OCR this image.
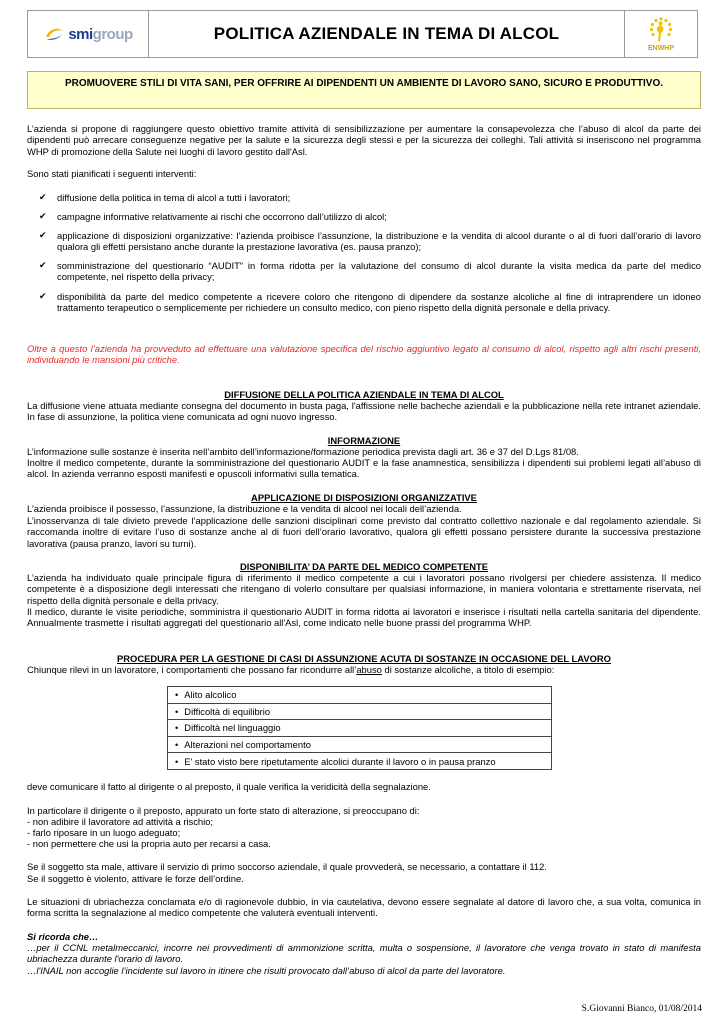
smigroup	POLITICA AZIENDALE IN TEMA DI ALCOL
ENWHP
PROMUOVERE STILI DI VITA SANI, PER OFFRIRE AI DIPENDENTI UN AMBIENTE DI LAVORO SANO, SICURO E PRODUTTIVO.

L’azienda si propone di raggiungere questo obiettivo tramite attività di sensibilizzazione per aumentare la consapevolezza che l’abuso di alcol da parte dei dipendenti può arrecare conseguenze negative per la salute e la sicurezza degli stessi e per la sicurezza dei colleghi. Tali attività si inseriscono nel programma WHP di promozione della Salute nei luoghi di lavoro gestito dall'Asl.

Sono stati pianificati i seguenti interventi:

✔ diffusione della politica in tema di alcol a tutti i lavoratori;
✔ campagne informative relativamente ai rischi che occorrono dall’utilizzo di alcol;
✔ applicazione di disposizioni organizzative: l’azienda proibisce l’assunzione, la distribuzione e la vendita di alcool durante o al di fuori dall’orario di lavoro qualora gli effetti persistano anche durante la prestazione lavorativa (es. pausa pranzo);
✔ somministrazione del questionario “AUDIT” in forma ridotta per la valutazione del consumo di alcol durante la visita medica da parte del medico competente, nel rispetto della privacy;
✔ disponibilità da parte del medico competente a ricevere coloro che ritengono di dipendere da sostanze alcoliche al fine di intraprendere un idoneo trattamento terapeutico o semplicemente per richiedere un consulto medico, con pieno rispetto della dignità personale e della privacy.

Oltre a questo l’azienda ha provveduto ad effettuare una valutazione specifica del rischio aggiuntivo legato al consumo di alcol, rispetto agli altri rischi presenti, individuando le mansioni più critiche.

DIFFUSIONE DELLA POLITICA AZIENDALE IN TEMA DI ALCOL

La diffusione viene attuata mediante consegna del documento in busta paga, l'affissione nelle bacheche aziendali e la pubblicazione nella rete intranet aziendale. In fase di assunzione, la politica viene comunicata ad ogni nuovo ingresso.

INFORMAZIONE

L’informazione sulle sostanze è inserita nell’ambito dell’informazione/formazione periodica prevista dagli art. 36 e 37 del D.Lgs 81/08.

Inoltre il medico competente, durante la somministrazione del questionario AUDIT e la fase anamnestica, sensibilizza i dipendenti sui problemi legati all’abuso di alcol. In azienda verranno esposti manifesti e opuscoli informativi sulla tematica.

APPLICAZIONE DI DISPOSIZIONI ORGANIZZATIVE

L’azienda proibisce il possesso, l’assunzione, la distribuzione e la vendita di alcool nei locali dell’azienda.

L’inosservanza di tale divieto prevede l’applicazione delle sanzioni disciplinari come previsto dal contratto collettivo nazionale e dal regolamento aziendale. Si raccomanda inoltre di evitare l’uso di sostanze anche al di fuori dell’orario lavorativo, qualora gli effetti possano persistere durante la successiva prestazione lavorativa (pausa pranzo, lavori su turni).

DISPONIBILITA’ DA PARTE DEL MEDICO COMPETENTE

L’azienda ha individuato quale principale figura di riferimento il medico competente a cui i lavoratori possano rivolgersi per chiedere assistenza. Il medico competente è a disposizione degli interessati che ritengano di volerlo consultare per qualsiasi informazione, in maniera volontaria e strettamente riservata, nel rispetto della dignità personale e della privacy.

Il medico, durante le visite periodiche, somministra il questionario AUDIT in forma ridotta ai lavoratori e inserisce i risultati nella cartella sanitaria del dipendente. Annualmente trasmette i risultati aggregati del questionario all'Asl, come indicato nelle buone prassi del programma WHP.

PROCEDURA PER LA GESTIONE DI CASI DI ASSUNZIONE ACUTA DI SOSTANZE IN OCCASIONE DEL LAVORO

Chiunque rilevi in un lavoratore, i comportamenti che possano far ricondurre all’abuso di sostanze alcoliche, a titolo di esempio:

• Alito alcolico
• Difficoltà di equilibrio
• Difficoltà nel linguaggio
• Alterazioni nel comportamento
• E’ stato visto bere ripetutamente alcolici durante il lavoro o in pausa pranzo

deve comunicare il fatto al dirigente o al preposto, il quale verifica la veridicità della segnalazione.

In particolare il dirigente o il preposto, appurato un forte stato di alterazione, si preoccupano di:

- non adibire il lavoratore ad attività a rischio;

- farlo riposare in un luogo adeguato;

- non permettere che usi la propria auto per recarsi a casa.

Se il soggetto sta male, attivare il servizio di primo soccorso aziendale, il quale provvederà, se necessario, a contattare il 112.

Se il soggetto è violento, attivare le forze dell’ordine.

Le situazioni di ubriachezza conclamata e/o di ragionevole dubbio, in via cautelativa, devono essere segnalate al datore di lavoro che, a sua volta, comunica in forma scritta la segnalazione al medico competente che valuterà eventuali interventi.

Si ricorda che…

…per il CCNL metalmeccanici, incorre nei provvedimenti di ammonizione scritta, multa o sospensione, il lavoratore che venga trovato in stato di manifesta ubriachezza durante l'orario di lavoro.

…l'INAIL non accoglie l’incidente sul lavoro in itinere che risulti provocato dall’abuso di alcol da parte del lavoratore.

S.Giovanni Bianco, 01/08/2014
